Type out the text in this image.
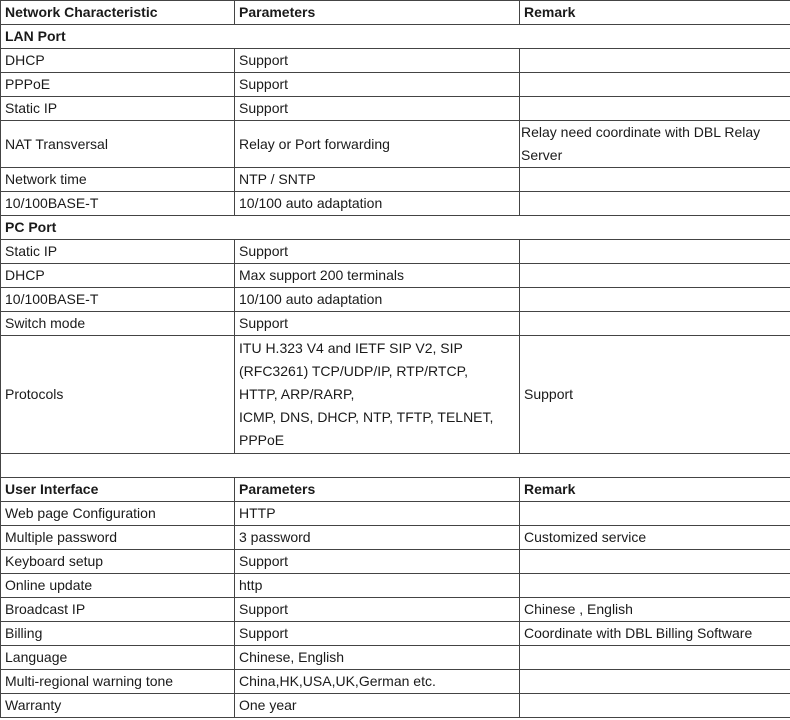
Network Characteristic	Parameters	Remark
LAN Port		
DHCP	Support	
PPPoE	Support	
Static IP	Support	
NAT Transversal	Relay or Port forwarding	Relay need coordinate with DBL Relay Server
Network time	NTP / SNTP	
10/100BASE-T	10/100 auto adaptation	
PC Port		
Static IP	Support	
DHCP	Max support 200 terminals	
10/100BASE-T	10/100 auto adaptation	
Switch mode	Support	
Protocols	ITU H.323 V4 and IETF SIP V2, SIP
(RFC3261) TCP/UDP/IP, RTP/RTCP,
HTTP, ARP/RARP,
ICMP, DNS, DHCP, NTP, TFTP, TELNET,
PPPoE	Support

User Interface	Parameters	Remark
Web page Configuration	HTTP	
Multiple password	3 password	Customized service
Keyboard setup	Support	
Online update	http	
Broadcast IP	Support	Chinese , English
Billing	Support	Coordinate with DBL Billing Software
Language	Chinese, English	
Multi-regional warning tone	China,HK,USA,UK,German etc.	
Warranty	One year	
